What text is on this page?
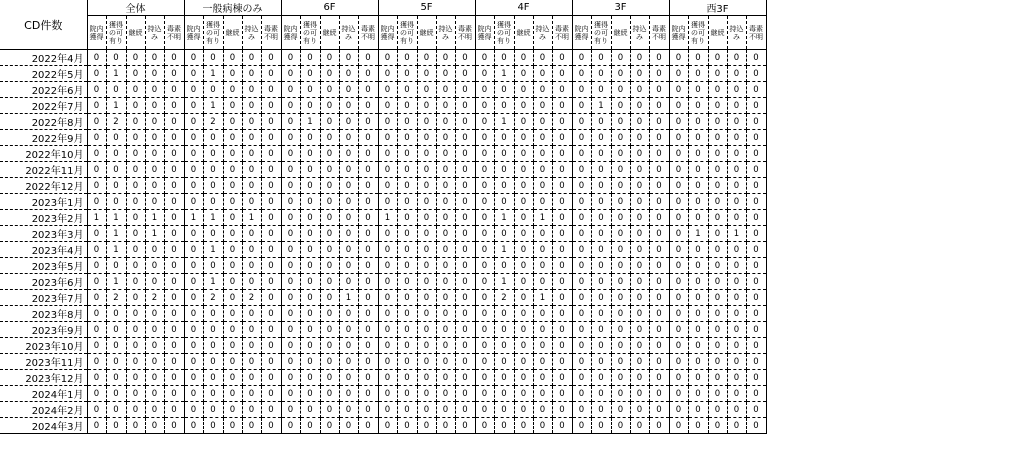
CD件数	全体					一般病棟のみ					6F					5F					4F					3F					西3F				
	院内獲得	獲得の可有り	継続	持込み	毒素不明	院内獲得	獲得の可有り	継続	持込み	毒素不明	院内獲得	獲得の可有り	継続	持込み	毒素不明	院内獲得	獲得の可有り	継続	持込み	毒素不明	院内獲得	獲得の可有り	継続	持込み	毒素不明	院内獲得	獲得の可有り	継続	持込み	毒素不明	院内獲得	獲得の可有り	継続	持込み	毒素不明
2022年4月	0	0	0	0	0	0	0	0	0	0	0	0	0	0	0	0	0	0	0	0	0	0	0	0	0	0	0	0	0	0	0	0	0	0	0
2022年5月	0	1	0	0	0	0	1	0	0	0	0	0	0	0	0	0	0	0	0	0	0	1	0	0	0	0	0	0	0	0	0	0	0	0	0
2022年6月	0	0	0	0	0	0	0	0	0	0	0	0	0	0	0	0	0	0	0	0	0	0	0	0	0	0	0	0	0	0	0	0	0	0	0
2022年7月	0	1	0	0	0	0	1	0	0	0	0	0	0	0	0	0	0	0	0	0	0	0	0	0	0	0	1	0	0	0	0	0	0	0	0
2022年8月	0	2	0	0	0	0	2	0	0	0	0	1	0	0	0	0	0	0	0	0	0	1	0	0	0	0	0	0	0	0	0	0	0	0	0
2022年9月	0	0	0	0	0	0	0	0	0	0	0	0	0	0	0	0	0	0	0	0	0	0	0	0	0	0	0	0	0	0	0	0	0	0	0
2022年10月	0	0	0	0	0	0	0	0	0	0	0	0	0	0	0	0	0	0	0	0	0	0	0	0	0	0	0	0	0	0	0	0	0	0	0
2022年11月	0	0	0	0	0	0	0	0	0	0	0	0	0	0	0	0	0	0	0	0	0	0	0	0	0	0	0	0	0	0	0	0	0	0	0
2022年12月	0	0	0	0	0	0	0	0	0	0	0	0	0	0	0	0	0	0	0	0	0	0	0	0	0	0	0	0	0	0	0	0	0	0	0
2023年1月	0	0	0	0	0	0	0	0	0	0	0	0	0	0	0	0	0	0	0	0	0	0	0	0	0	0	0	0	0	0	0	0	0	0	0
2023年2月	1	1	0	1	0	1	1	0	1	0	0	0	0	0	0	1	0	0	0	0	0	1	0	1	0	0	0	0	0	0	0	0	0	0	0
2023年3月	0	1	0	1	0	0	0	0	0	0	0	0	0	0	0	0	0	0	0	0	0	0	0	0	0	0	0	0	0	0	0	1	0	1	0
2023年4月	0	1	0	0	0	0	1	0	0	0	0	0	0	0	0	0	0	0	0	0	0	1	0	0	0	0	0	0	0	0	0	0	0	0	0
2023年5月	0	0	0	0	0	0	0	0	0	0	0	0	0	0	0	0	0	0	0	0	0	0	0	0	0	0	0	0	0	0	0	0	0	0	0
2023年6月	0	1	0	0	0	0	1	0	0	0	0	0	0	0	0	0	0	0	0	0	0	1	0	0	0	0	0	0	0	0	0	0	0	0	0
2023年7月	0	2	0	2	0	0	2	0	2	0	0	0	0	1	0	0	0	0	0	0	0	2	0	1	0	0	0	0	0	0	0	0	0	0	0
2023年8月	0	0	0	0	0	0	0	0	0	0	0	0	0	0	0	0	0	0	0	0	0	0	0	0	0	0	0	0	0	0	0	0	0	0	0
2023年9月	0	0	0	0	0	0	0	0	0	0	0	0	0	0	0	0	0	0	0	0	0	0	0	0	0	0	0	0	0	0	0	0	0	0	0
2023年10月	0	0	0	0	0	0	0	0	0	0	0	0	0	0	0	0	0	0	0	0	0	0	0	0	0	0	0	0	0	0	0	0	0	0	0
2023年11月	0	0	0	0	0	0	0	0	0	0	0	0	0	0	0	0	0	0	0	0	0	0	0	0	0	0	0	0	0	0	0	0	0	0	0
2023年12月	0	0	0	0	0	0	0	0	0	0	0	0	0	0	0	0	0	0	0	0	0	0	0	0	0	0	0	0	0	0	0	0	0	0	0
2024年1月	0	0	0	0	0	0	0	0	0	0	0	0	0	0	0	0	0	0	0	0	0	0	0	0	0	0	0	0	0	0	0	0	0	0	0
2024年2月	0	0	0	0	0	0	0	0	0	0	0	0	0	0	0	0	0	0	0	0	0	0	0	0	0	0	0	0	0	0	0	0	0	0	0
2024年3月	0	0	0	0	0	0	0	0	0	0	0	0	0	0	0	0	0	0	0	0	0	0	0	0	0	0	0	0	0	0	0	0	0	0	0
